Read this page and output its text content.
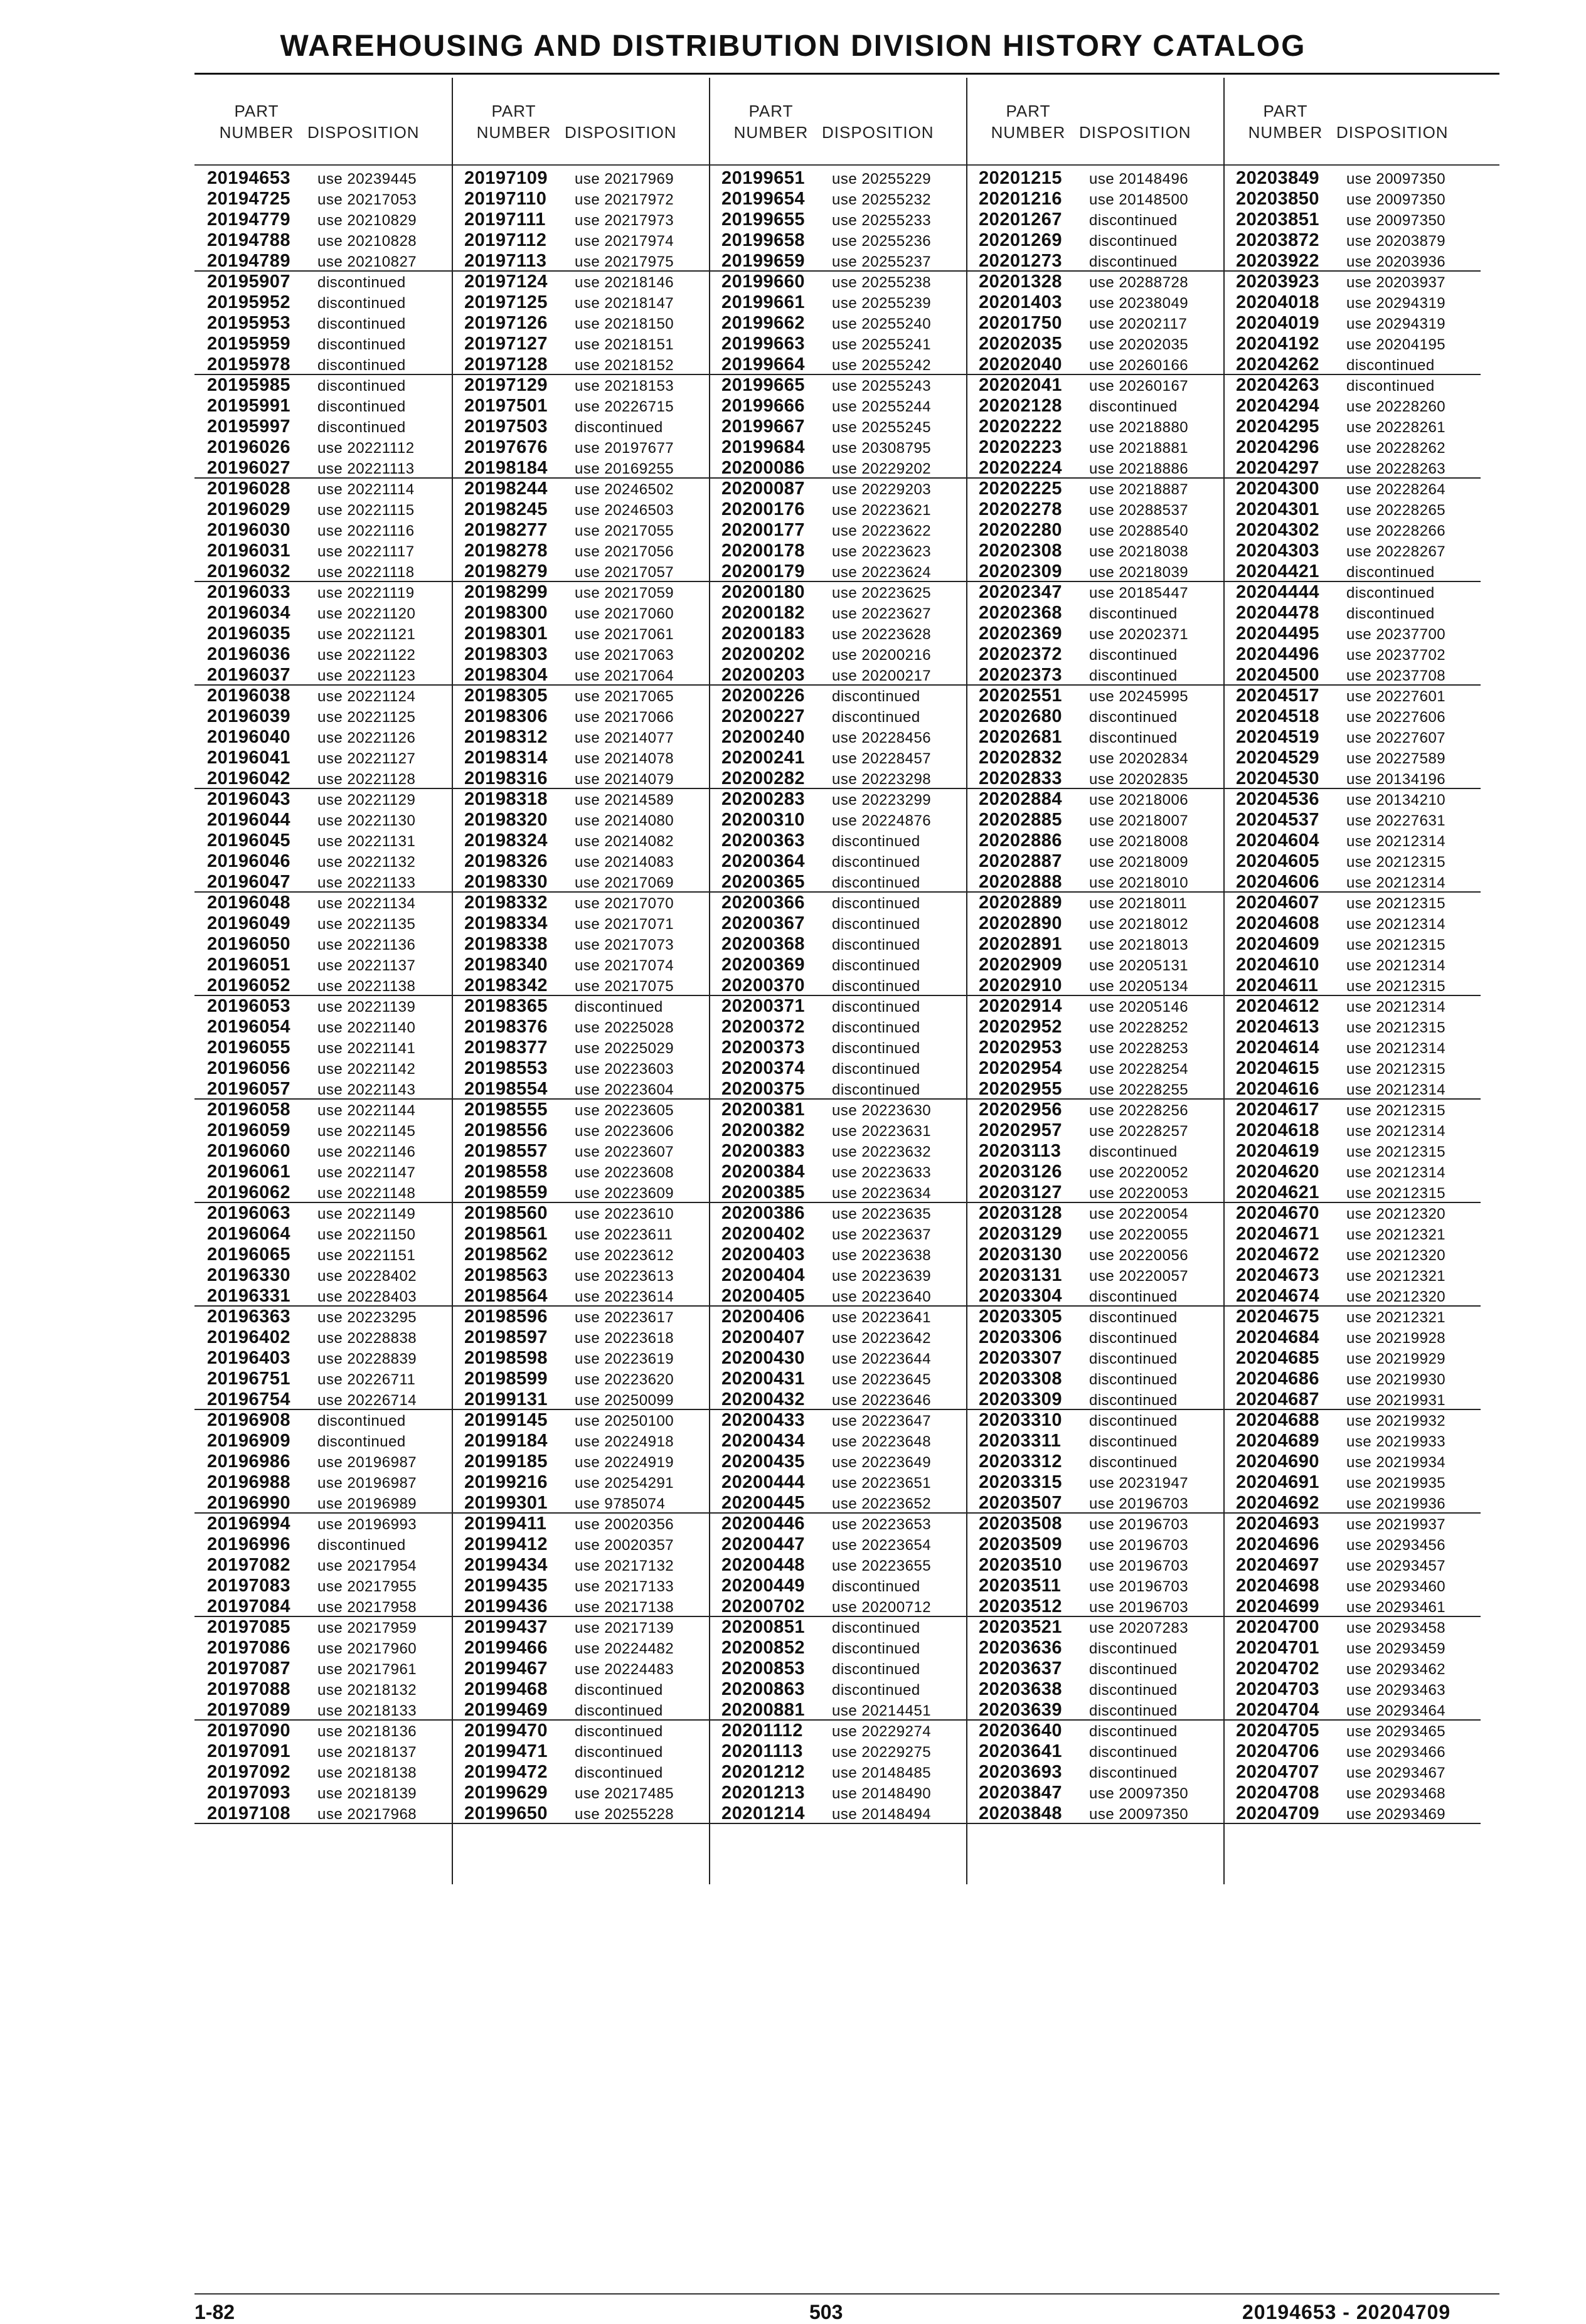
WAREHOUSING AND DISTRIBUTION DIVISION HISTORY CATALOG
PART
NUMBER DISPOSITION
20194653 use 20239445
20194725 use 20217053
20194779 use 20210829
20194788 use 20210828
20194789 use 20210827
20195907 discontinued
20195952 discontinued
20195953 discontinued
20195959 discontinued
20195978 discontinued
20195985 discontinued
20195991 discontinued
20195997 discontinued
20196026 use 20221112
20196027 use 20221113
20196028 use 20221114
20196029 use 20221115
20196030 use 20221116
20196031 use 20221117
20196032 use 20221118
20196033 use 20221119
20196034 use 20221120
20196035 use 20221121
20196036 use 20221122
20196037 use 20221123
20196038 use 20221124
20196039 use 20221125
20196040 use 20221126
20196041 use 20221127
20196042 use 20221128
20196043 use 20221129
20196044 use 20221130
20196045 use 20221131
20196046 use 20221132
20196047 use 20221133
20196048 use 20221134
20196049 use 20221135
20196050 use 20221136
20196051 use 20221137
20196052 use 20221138
20196053 use 20221139
20196054 use 20221140
20196055 use 20221141
20196056 use 20221142
20196057 use 20221143
20196058 use 20221144
20196059 use 20221145
20196060 use 20221146
20196061 use 20221147
20196062 use 20221148
20196063 use 20221149
20196064 use 20221150
20196065 use 20221151
20196330 use 20228402
20196331 use 20228403
20196363 use 20223295
20196402 use 20228838
20196403 use 20228839
20196751 use 20226711
20196754 use 20226714
20196908 discontinued
20196909 discontinued
20196986 use 20196987
20196988 use 20196987
20196990 use 20196989
20196994 use 20196993
20196996 discontinued
20197082 use 20217954
20197083 use 20217955
20197084 use 20217958
20197085 use 20217959
20197086 use 20217960
20197087 use 20217961
20197088 use 20218132
20197089 use 20218133
20197090 use 20218136
20197091 use 20218137
20197092 use 20218138
20197093 use 20218139
20197108 use 20217968
PART
NUMBER DISPOSITION
20197109 use 20217969
20197110 use 20217972
20197111 use 20217973
20197112 use 20217974
20197113 use 20217975
20197124 use 20218146
20197125 use 20218147
20197126 use 20218150
20197127 use 20218151
20197128 use 20218152
20197129 use 20218153
20197501 use 20226715
20197503 discontinued
20197676 use 20197677
20198184 use 20169255
20198244 use 20246502
20198245 use 20246503
20198277 use 20217055
20198278 use 20217056
20198279 use 20217057
20198299 use 20217059
20198300 use 20217060
20198301 use 20217061
20198303 use 20217063
20198304 use 20217064
20198305 use 20217065
20198306 use 20217066
20198312 use 20214077
20198314 use 20214078
20198316 use 20214079
20198318 use 20214589
20198320 use 20214080
20198324 use 20214082
20198326 use 20214083
20198330 use 20217069
20198332 use 20217070
20198334 use 20217071
20198338 use 20217073
20198340 use 20217074
20198342 use 20217075
20198365 discontinued
20198376 use 20225028
20198377 use 20225029
20198553 use 20223603
20198554 use 20223604
20198555 use 20223605
20198556 use 20223606
20198557 use 20223607
20198558 use 20223608
20198559 use 20223609
20198560 use 20223610
20198561 use 20223611
20198562 use 20223612
20198563 use 20223613
20198564 use 20223614
20198596 use 20223617
20198597 use 20223618
20198598 use 20223619
20198599 use 20223620
20199131 use 20250099
20199145 use 20250100
20199184 use 20224918
20199185 use 20224919
20199216 use 20254291
20199301 use 9785074
20199411 use 20020356
20199412 use 20020357
20199434 use 20217132
20199435 use 20217133
20199436 use 20217138
20199437 use 20217139
20199466 use 20224482
20199467 use 20224483
20199468 discontinued
20199469 discontinued
20199470 discontinued
20199471 discontinued
20199472 discontinued
20199629 use 20217485
20199650 use 20255228
PART
NUMBER DISPOSITION
20199651 use 20255229
20199654 use 20255232
20199655 use 20255233
20199658 use 20255236
20199659 use 20255237
20199660 use 20255238
20199661 use 20255239
20199662 use 20255240
20199663 use 20255241
20199664 use 20255242
20199665 use 20255243
20199666 use 20255244
20199667 use 20255245
20199684 use 20308795
20200086 use 20229202
20200087 use 20229203
20200176 use 20223621
20200177 use 20223622
20200178 use 20223623
20200179 use 20223624
20200180 use 20223625
20200182 use 20223627
20200183 use 20223628
20200202 use 20200216
20200203 use 20200217
20200226 discontinued
20200227 discontinued
20200240 use 20228456
20200241 use 20228457
20200282 use 20223298
20200283 use 20223299
20200310 use 20224876
20200363 discontinued
20200364 discontinued
20200365 discontinued
20200366 discontinued
20200367 discontinued
20200368 discontinued
20200369 discontinued
20200370 discontinued
20200371 discontinued
20200372 discontinued
20200373 discontinued
20200374 discontinued
20200375 discontinued
20200381 use 20223630
20200382 use 20223631
20200383 use 20223632
20200384 use 20223633
20200385 use 20223634
20200386 use 20223635
20200402 use 20223637
20200403 use 20223638
20200404 use 20223639
20200405 use 20223640
20200406 use 20223641
20200407 use 20223642
20200430 use 20223644
20200431 use 20223645
20200432 use 20223646
20200433 use 20223647
20200434 use 20223648
20200435 use 20223649
20200444 use 20223651
20200445 use 20223652
20200446 use 20223653
20200447 use 20223654
20200448 use 20223655
20200449 discontinued
20200702 use 20200712
20200851 discontinued
20200852 discontinued
20200853 discontinued
20200863 discontinued
20200881 use 20214451
20201112 use 20229274
20201113 use 20229275
20201212 use 20148485
20201213 use 20148490
20201214 use 20148494
PART
NUMBER DISPOSITION
20201215 use 20148496
20201216 use 20148500
20201267 discontinued
20201269 discontinued
20201273 discontinued
20201328 use 20288728
20201403 use 20238049
20201750 use 20202117
20202035 use 20202035
20202040 use 20260166
20202041 use 20260167
20202128 discontinued
20202222 use 20218880
20202223 use 20218881
20202224 use 20218886
20202225 use 20218887
20202278 use 20288537
20202280 use 20288540
20202308 use 20218038
20202309 use 20218039
20202347 use 20185447
20202368 discontinued
20202369 use 20202371
20202372 discontinued
20202373 discontinued
20202551 use 20245995
20202680 discontinued
20202681 discontinued
20202832 use 20202834
20202833 use 20202835
20202884 use 20218006
20202885 use 20218007
20202886 use 20218008
20202887 use 20218009
20202888 use 20218010
20202889 use 20218011
20202890 use 20218012
20202891 use 20218013
20202909 use 20205131
20202910 use 20205134
20202914 use 20205146
20202952 use 20228252
20202953 use 20228253
20202954 use 20228254
20202955 use 20228255
20202956 use 20228256
20202957 use 20228257
20203113 discontinued
20203126 use 20220052
20203127 use 20220053
20203128 use 20220054
20203129 use 20220055
20203130 use 20220056
20203131 use 20220057
20203304 discontinued
20203305 discontinued
20203306 discontinued
20203307 discontinued
20203308 discontinued
20203309 discontinued
20203310 discontinued
20203311 discontinued
20203312 discontinued
20203315 use 20231947
20203507 use 20196703
20203508 use 20196703
20203509 use 20196703
20203510 use 20196703
20203511 use 20196703
20203512 use 20196703
20203521 use 20207283
20203636 discontinued
20203637 discontinued
20203638 discontinued
20203639 discontinued
20203640 discontinued
20203641 discontinued
20203693 discontinued
20203847 use 20097350
20203848 use 20097350
PART
NUMBER DISPOSITION
20203849 use 20097350
20203850 use 20097350
20203851 use 20097350
20203872 use 20203879
20203922 use 20203936
20203923 use 20203937
20204018 use 20294319
20204019 use 20294319
20204192 use 20204195
20204262 discontinued
20204263 discontinued
20204294 use 20228260
20204295 use 20228261
20204296 use 20228262
20204297 use 20228263
20204300 use 20228264
20204301 use 20228265
20204302 use 20228266
20204303 use 20228267
20204421 discontinued
20204444 discontinued
20204478 discontinued
20204495 use 20237700
20204496 use 20237702
20204500 use 20237708
20204517 use 20227601
20204518 use 20227606
20204519 use 20227607
20204529 use 20227589
20204530 use 20134196
20204536 use 20134210
20204537 use 20227631
20204604 use 20212314
20204605 use 20212315
20204606 use 20212314
20204607 use 20212315
20204608 use 20212314
20204609 use 20212315
20204610 use 20212314
20204611 use 20212315
20204612 use 20212314
20204613 use 20212315
20204614 use 20212314
20204615 use 20212315
20204616 use 20212314
20204617 use 20212315
20204618 use 20212314
20204619 use 20212315
20204620 use 20212314
20204621 use 20212315
20204670 use 20212320
20204671 use 20212321
20204672 use 20212320
20204673 use 20212321
20204674 use 20212320
20204675 use 20212321
20204684 use 20219928
20204685 use 20219929
20204686 use 20219930
20204687 use 20219931
20204688 use 20219932
20204689 use 20219933
20204690 use 20219934
20204691 use 20219935
20204692 use 20219936
20204693 use 20219937
20204696 use 20293456
20204697 use 20293457
20204698 use 20293460
20204699 use 20293461
20204700 use 20293458
20204701 use 20293459
20204702 use 20293462
20204703 use 20293463
20204704 use 20293464
20204705 use 20293465
20204706 use 20293466
20204707 use 20293467
20204708 use 20293468
20204709 use 20293469
1-82	503	20194653 - 20204709
